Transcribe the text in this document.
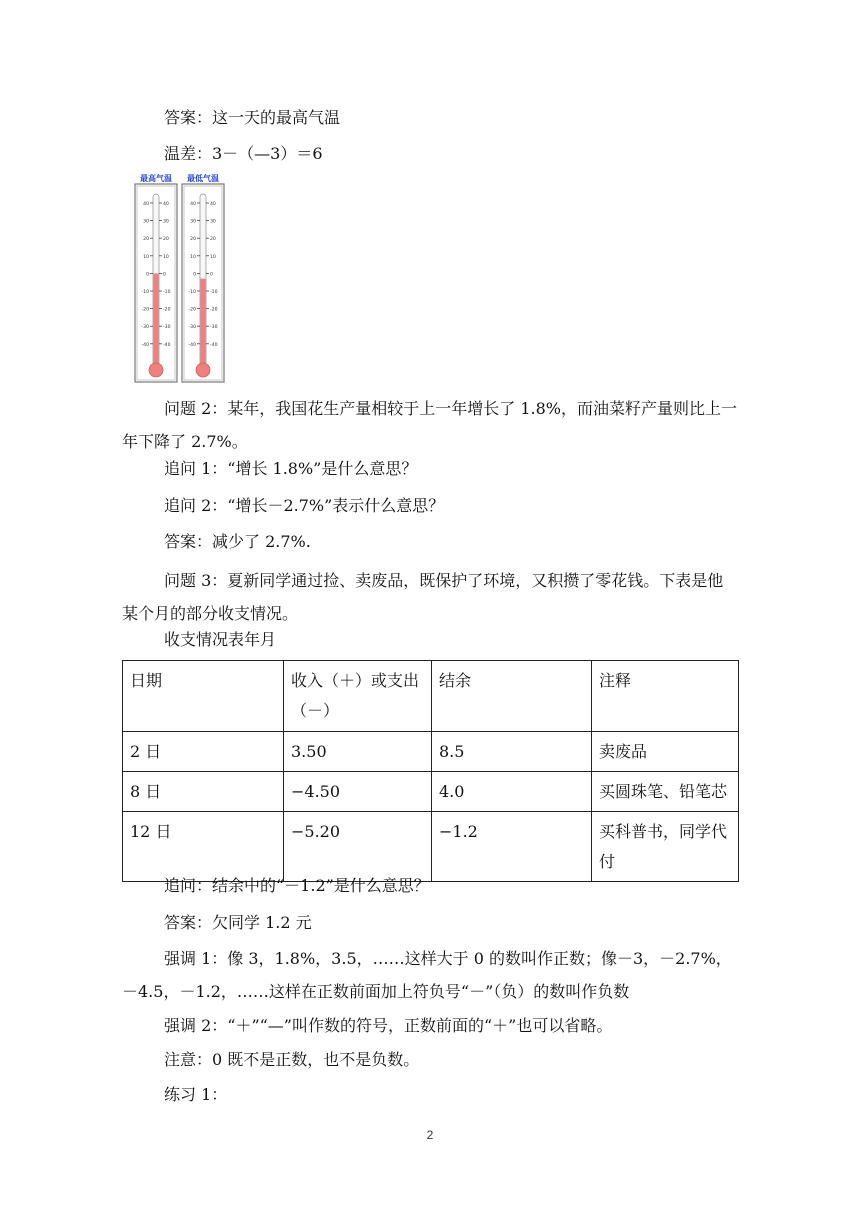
答案：这一天的最高气温
温差：3－（—3）＝6
最高气温
40	40
30	30
20	20
10	10
0	0
-10	-10
-20	-20
-30	-30
-40	-40
最低气温
40	40
30	30
20	20
10	10
0	0
-10	-10
-20	-20
-30	-30
-40	-40

问题 2：某年，我国花生产量相较于上一年增长了 1.8%，而油菜籽产量则比上一年下降了 2.7%。

追问 1：“增长 1.8%”是什么意思？
追问 2：“增长－2.7%”表示什么意思？
答案：减少了 2.7%.

问题 3：夏新同学通过捡、卖废品，既保护了环境，又积攒了零花钱。下表是他某个月的部分收支情况。

收支情况表年月
日期	收入（＋）或支出（－）	结余	注释
2 日	3.50	8.5	卖废品
8 日	−4.50	4.0	买圆珠笔、铅笔芯
12 日	−5.20	−1.2	买科普书，同学代付
追问：结余中的“－1.2”是什么意思？
答案：欠同学 1.2 元

强调 1：像 3，1.8%，3.5，……这样大于 0 的数叫作正数；像－3，－2.7%，－4.5，－1.2，……这样在正数前面加上符负号“－”（负）的数叫作负数

强调 2：“＋”“—”叫作数的符号，正数前面的“＋”也可以省略。
注意：0 既不是正数，也不是负数。
练习 1：
2
